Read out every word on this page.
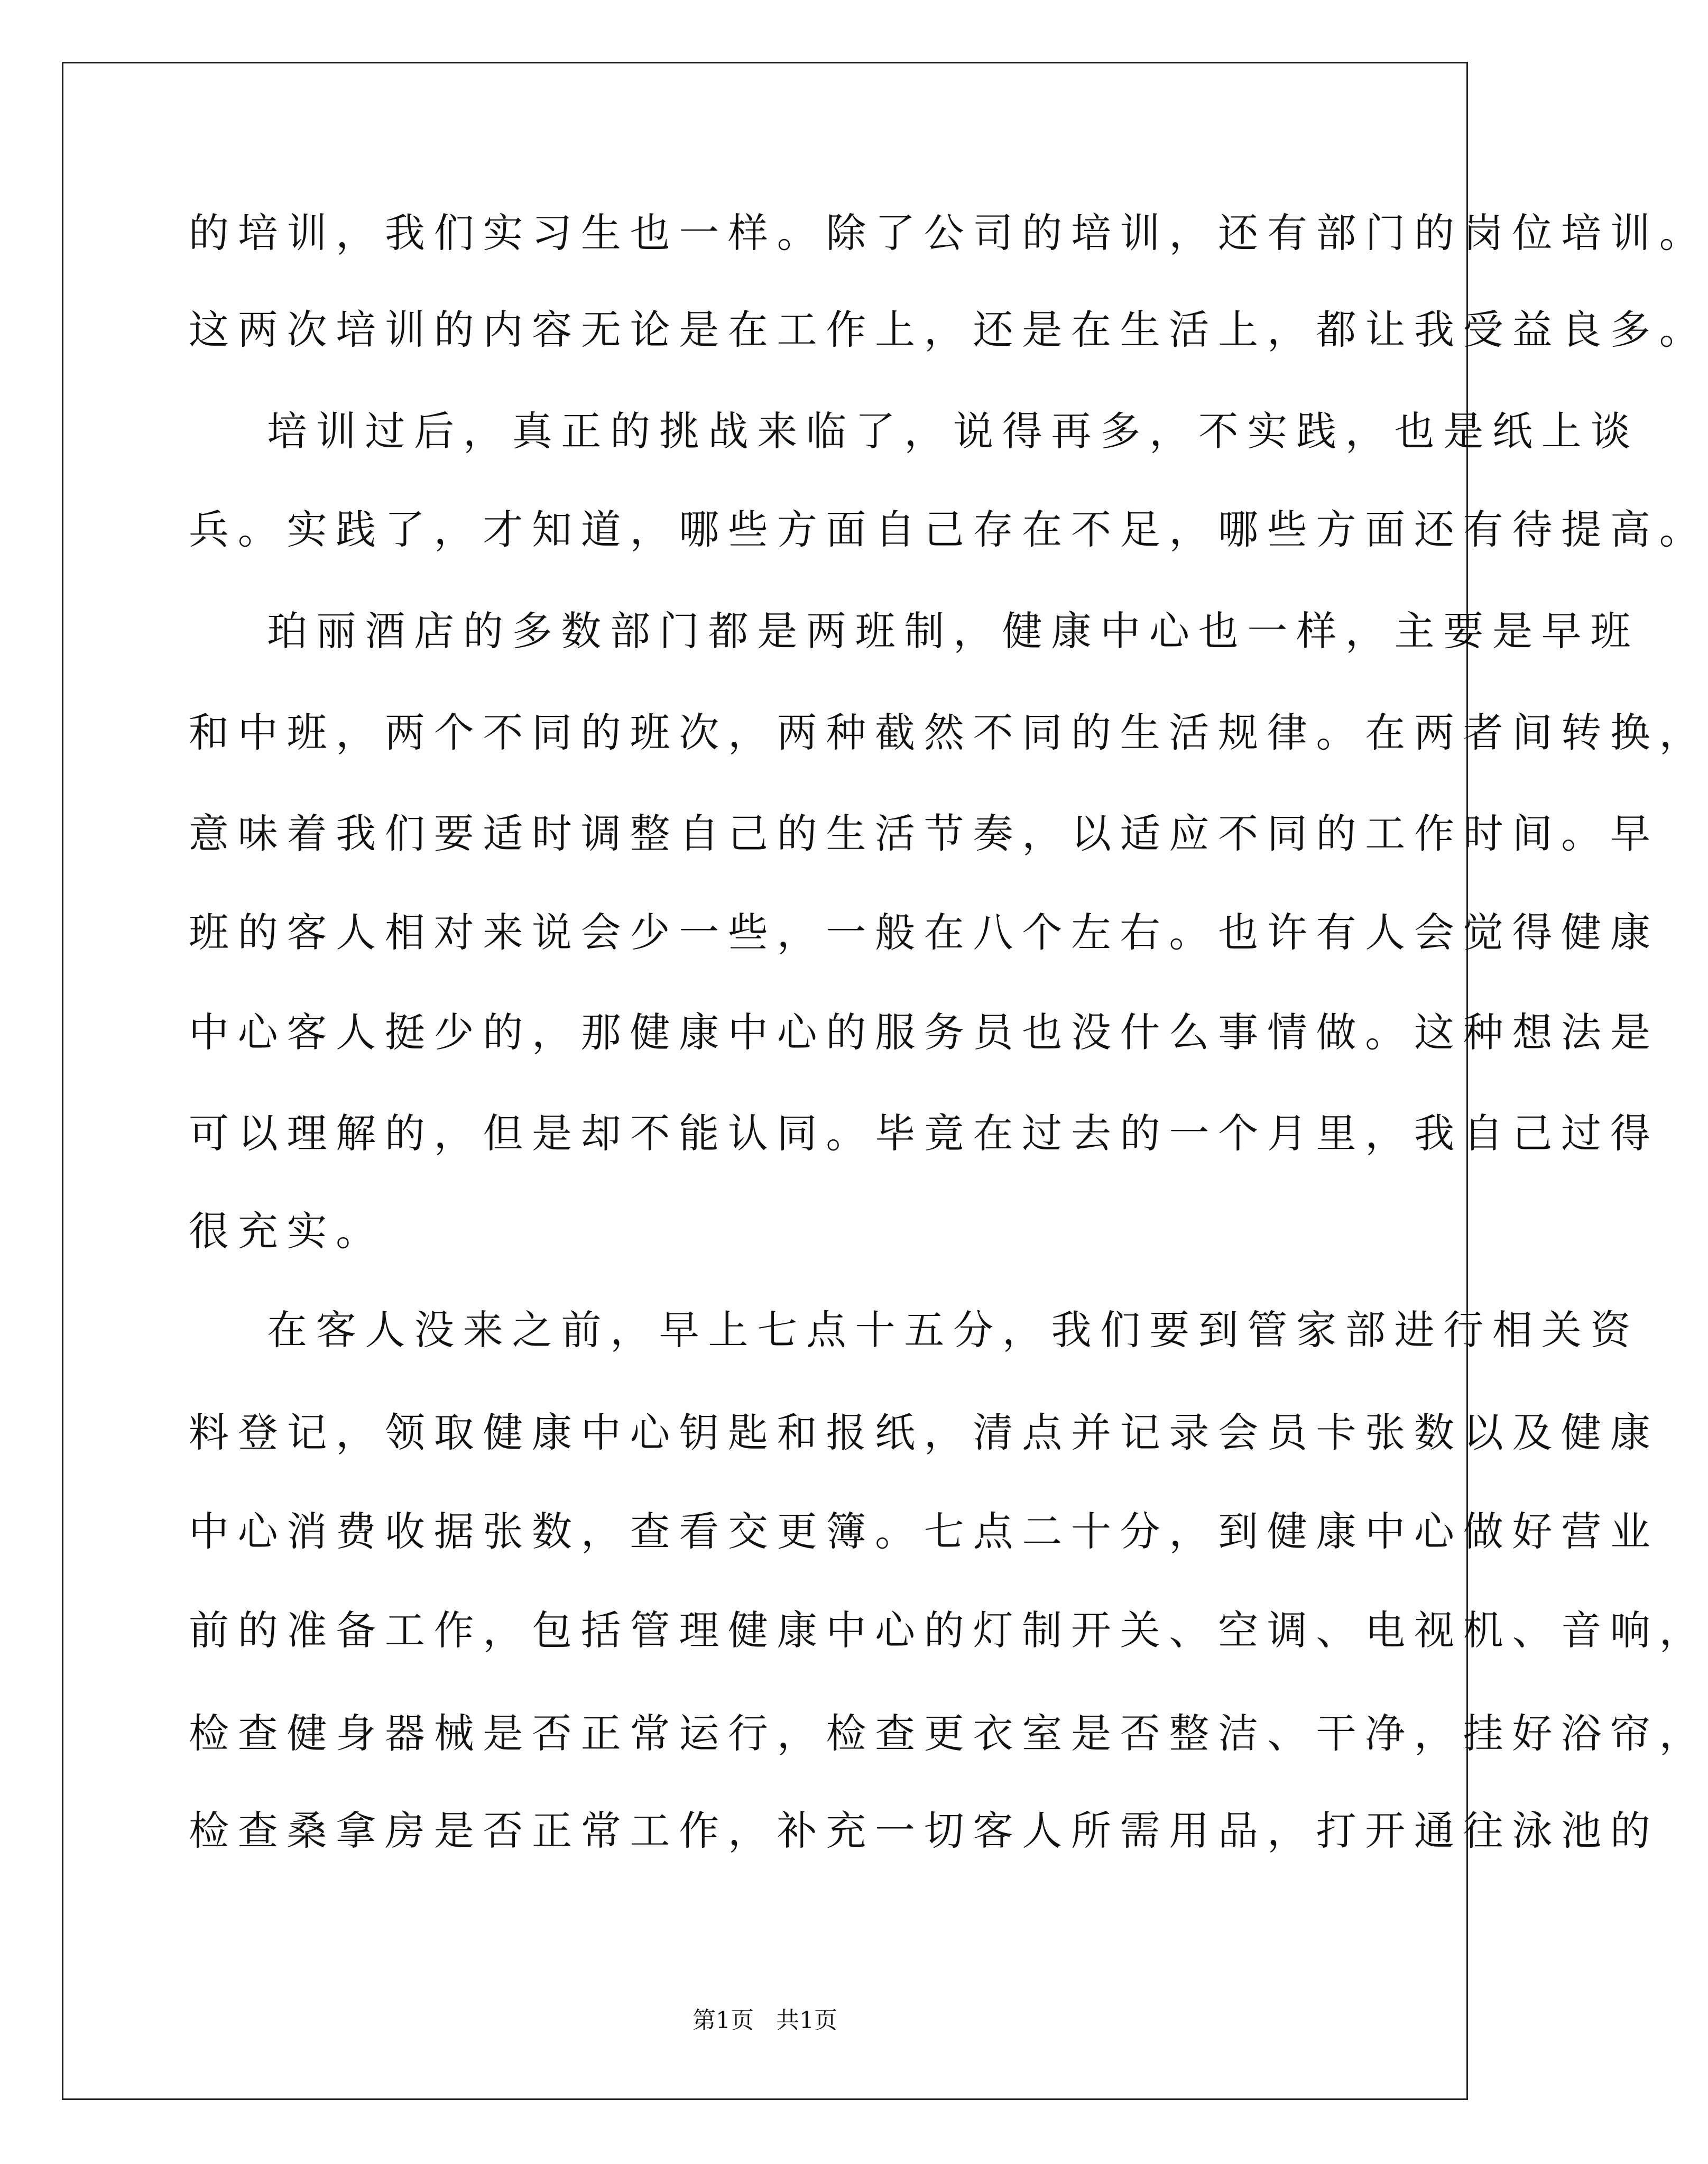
的培训，我们实习生也一样。除了公司的培训，还有部门的岗位培训。
这两次培训的内容无论是在工作上，还是在生活上，都让我受益良多。
培训过后，真正的挑战来临了，说得再多，不实践，也是纸上谈
兵。实践了，才知道，哪些方面自己存在不足，哪些方面还有待提高。
珀丽酒店的多数部门都是两班制，健康中心也一样，主要是早班
和中班，两个不同的班次，两种截然不同的生活规律。在两者间转换，
意味着我们要适时调整自己的生活节奏，以适应不同的工作时间。早
班的客人相对来说会少一些，一般在八个左右。也许有人会觉得健康
中心客人挺少的，那健康中心的服务员也没什么事情做。这种想法是
可以理解的，但是却不能认同。毕竟在过去的一个月里，我自己过得
很充实。
在客人没来之前，早上七点十五分，我们要到管家部进行相关资
料登记，领取健康中心钥匙和报纸，清点并记录会员卡张数以及健康
中心消费收据张数，查看交更簿。七点二十分，到健康中心做好营业
前的准备工作，包括管理健康中心的灯制开关、空调、电视机、音响，
检查健身器械是否正常运行，检查更衣室是否整洁、干净，挂好浴帘，
检查桑拿房是否正常工作，补充一切客人所需用品，打开通往泳池的
第1页   共1页
